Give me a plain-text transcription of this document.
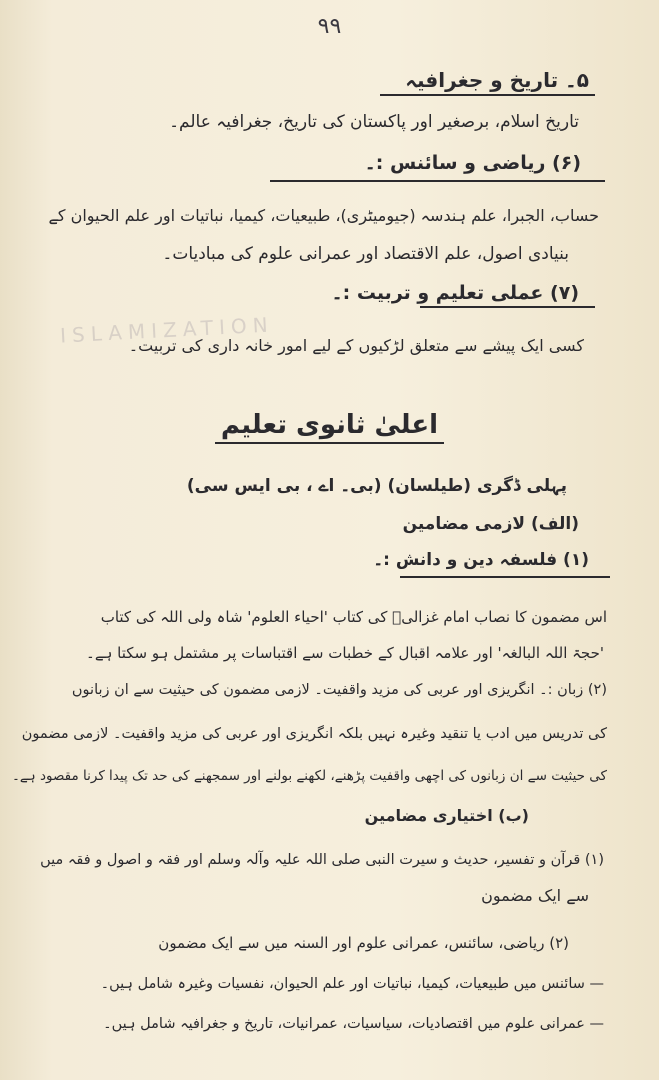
ISLAMIZATION
۹۹
۵۔ تاریخ و جغرافیہ
تاریخ اسلام، برصغیر اور پاکستان کی تاریخ، جغرافیہ عالم۔
(۶) ریاضی و سائنس :۔
حساب، الجبرا، علم ہندسہ (جیومیٹری)، طبیعیات، کیمیا، نباتیات اور علم الحیوان کے
بنیادی اصول، علم الاقتصاد اور عمرانی علوم کی مبادیات۔
(۷) عملی تعلیم و تربیت :۔
کسی ایک پیشے سے متعلق لڑکیوں کے لیے امور خانہ داری کی تربیت۔
اعلیٰ ثانوی تعلیم
پہلی ڈگری (طیلسان) (بی۔ اے ، بی ایس سی)
(الف) لازمی مضامین
(۱) فلسفہ دین و دانش :۔
اس مضمون کا نصاب امام غزالیؒ کی کتاب 'احیاء العلوم' شاہ ولی اللہ کی کتاب
'حجۃ اللہ البالغہ' اور علامہ اقبال کے خطبات سے اقتباسات پر مشتمل ہو سکتا ہے۔
(۲) زبان :۔ انگریزی اور عربی کی مزید واقفیت۔ لازمی مضمون کی حیثیت سے ان زبانوں
کی تدریس میں ادب یا تنقید وغیرہ نہیں بلکہ انگریزی اور عربی کی مزید واقفیت۔ لازمی مضمون
کی حیثیت سے ان زبانوں کی اچھی واقفیت پڑھنے، لکھنے بولنے اور سمجھنے کی حد تک پیدا کرنا مقصود ہے۔
(ب) اختیاری مضامین
(۱) قرآن و تفسیر، حدیث و سیرت النبی صلی اللہ علیہ وآلہ وسلم اور فقہ و اصول و فقہ میں
سے ایک مضمون
(۲) ریاضی، سائنس، عمرانی علوم اور السنہ میں سے ایک مضمون
— سائنس میں طبیعیات، کیمیا، نباتیات اور علم الحیوان، نفسیات وغیرہ شامل ہیں۔
— عمرانی علوم میں اقتصادیات، سیاسیات، عمرانیات، تاریخ و جغرافیہ شامل ہیں۔
